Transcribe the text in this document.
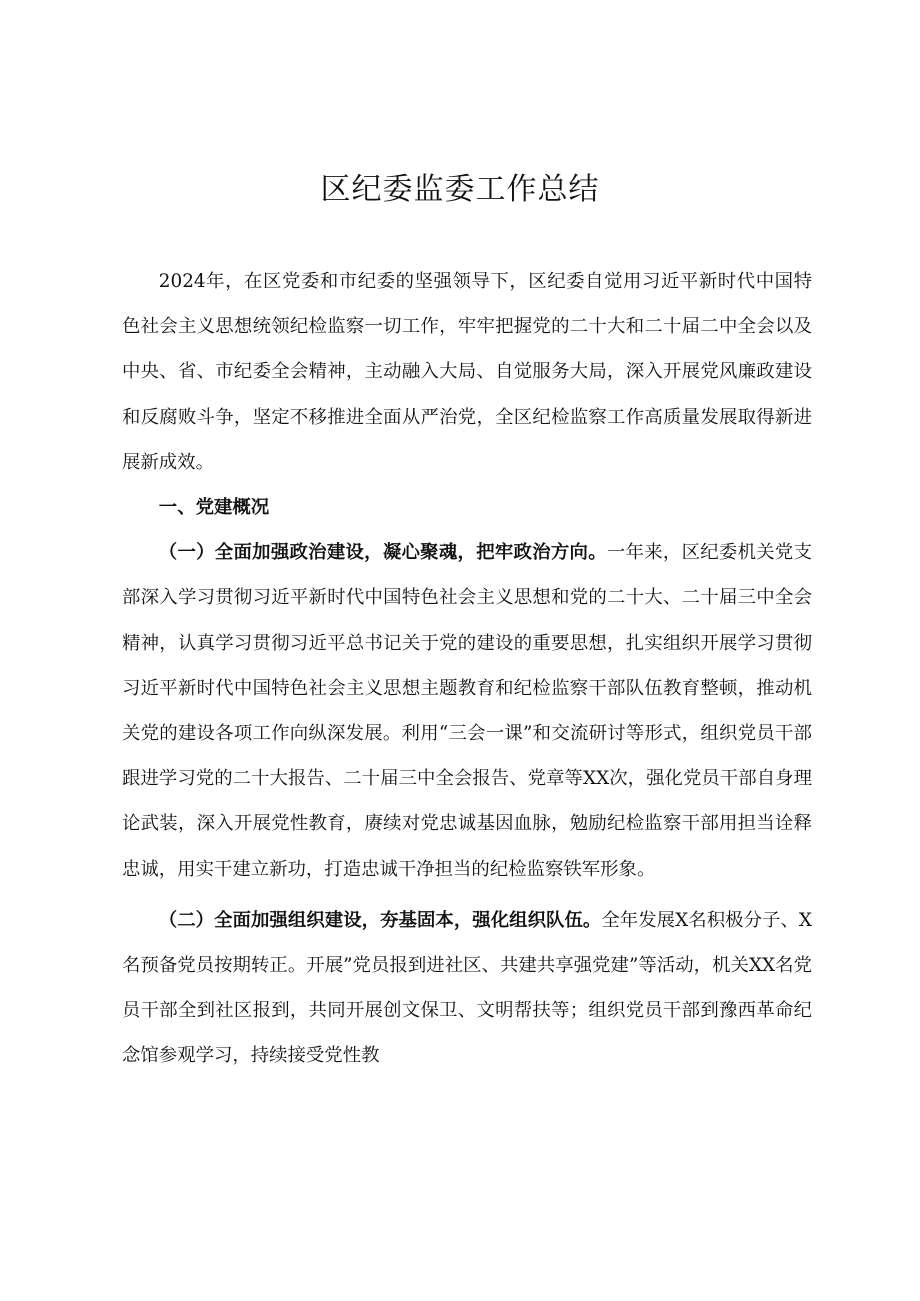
区纪委监委工作总结

2024年，在区党委和市纪委的坚强领导下，区纪委自觉用习近平新时代中国特色社会主义思想统领纪检监察一切工作，牢牢把握党的二十大和二十届二中全会以及中央、省、市纪委全会精神，主动融入大局、自觉服务大局，深入开展党风廉政建设和反腐败斗争，坚定不移推进全面从严治党，全区纪检监察工作高质量发展取得新进展新成效。

一、党建概况

（一）全面加强政治建设，凝心聚魂，把牢政治方向。一年来，区纪委机关党支部深入学习贯彻习近平新时代中国特色社会主义思想和党的二十大、二十届三中全会精神，认真学习贯彻习近平总书记关于党的建设的重要思想，扎实组织开展学习贯彻习近平新时代中国特色社会主义思想主题教育和纪检监察干部队伍教育整顿，推动机关党的建设各项工作向纵深发展。利用“三会一课”和交流研讨等形式，组织党员干部跟进学习党的二十大报告、二十届三中全会报告、党章等XX次，强化党员干部自身理论武装，深入开展党性教育，赓续对党忠诚基因血脉，勉励纪检监察干部用担当诠释忠诚，用实干建立新功，打造忠诚干净担当的纪检监察铁军形象。

（二）全面加强组织建设，夯基固本，强化组织队伍。全年发展X名积极分子、X名预备党员按期转正。开展”党员报到进社区、共建共享强党建”等活动，机关XX名党员干部全到社区报到，共同开展创文保卫、文明帮扶等；组织党员干部到豫西革命纪念馆参观学习，持续接受党性教
